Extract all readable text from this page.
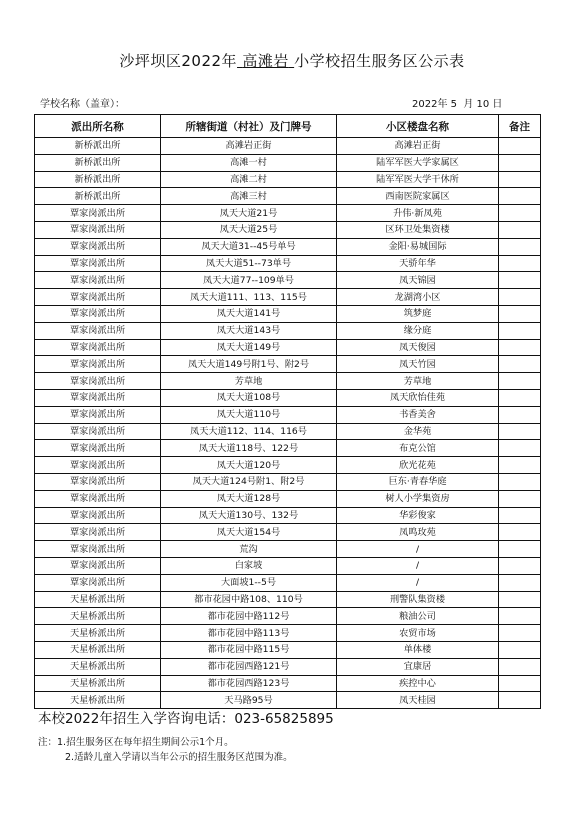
沙坪坝区2022年 高滩岩 小学校招生服务区公示表
学校名称（盖章）：	2022年 5  月 10 日
派出所名称	所辖街道（村社）及门牌号	小区楼盘名称	备注
新桥派出所	高滩岩正街	高滩岩正街	
新桥派出所	高滩一村	陆军军医大学家属区	
新桥派出所	高滩二村	陆军军医大学干休所	
新桥派出所	高滩三村	西南医院家属区	
覃家岗派出所	凤天大道21号	升伟·新凤苑	
覃家岗派出所	凤天大道25号	区环卫处集资楼	
覃家岗派出所	凤天大道31--45号单号	金阳·易城国际	
覃家岗派出所	凤天大道51--73单号	天骄年华	
覃家岗派出所	凤天大道77--109单号	凤天锦园	
覃家岗派出所	凤天大道111、113、115号	龙湖湾小区	
覃家岗派出所	凤天大道141号	筑梦庭	
覃家岗派出所	凤天大道143号	缘分庭	
覃家岗派出所	凤天大道149号	凤天俊园	
覃家岗派出所	凤天大道149号附1号、附2号	凤天竹园	
覃家岗派出所	芳草地	芳草地	
覃家岗派出所	凤天大道108号	凤天欣怡佳苑	
覃家岗派出所	凤天大道110号	书香美舍	
覃家岗派出所	凤天大道112、114、116号	金华苑	
覃家岗派出所	凤天大道118号、122号	布克公馆	
覃家岗派出所	凤天大道120号	欣光花苑	
覃家岗派出所	凤天大道124号附1、附2号	巨东·青春华庭	
覃家岗派出所	凤天大道128号	树人小学集资房	
覃家岗派出所	凤天大道130号、132号	华彩俊家	
覃家岗派出所	凤天大道154号	凤鸣玫苑	
覃家岗派出所	荒沟	/	
覃家岗派出所	白家坡	/	
覃家岗派出所	大面坡1--5号	/	
天星桥派出所	都市花园中路108、110号	刑警队集资楼	
天星桥派出所	都市花园中路112号	粮油公司	
天星桥派出所	都市花园中路113号	农贸市场	
天星桥派出所	都市花园中路115号	单体楼	
天星桥派出所	都市花园西路121号	宜康居	
天星桥派出所	都市花园西路123号	疾控中心	
天星桥派出所	天马路95号	凤天桂园	
本校2022年招生入学咨询电话：023-65825895
注：1.招生服务区在每年招生期间公示1个月。
2.适龄儿童入学请以当年公示的招生服务区范围为准。
